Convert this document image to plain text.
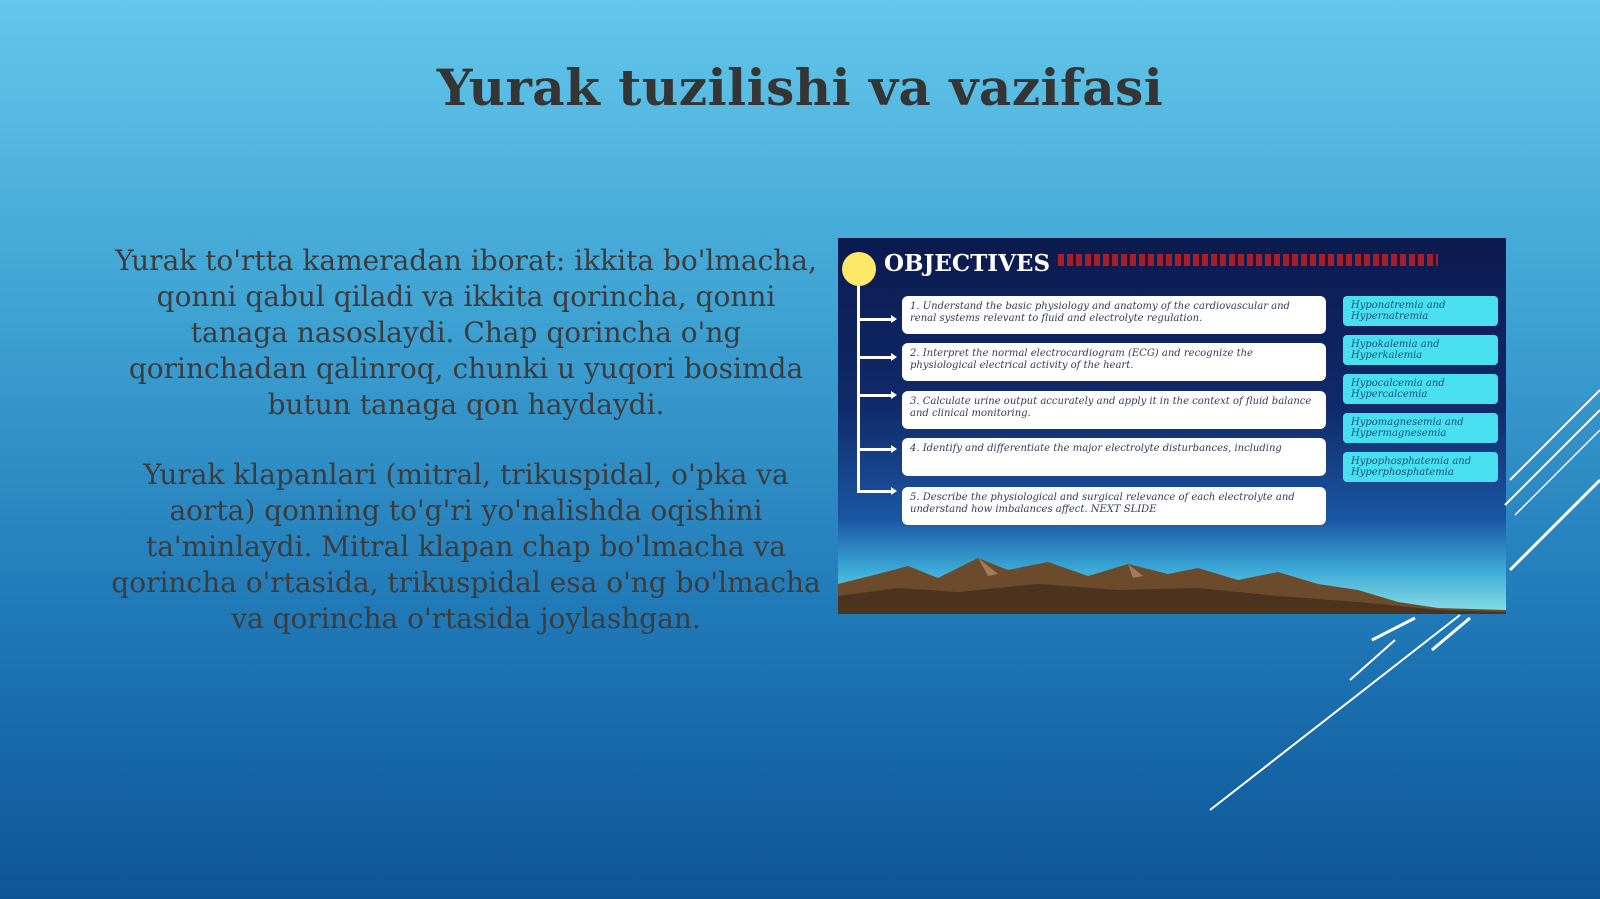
Yurak tuzilishi va vazifasi

Yurak to'rtta kameradan iborat: ikkita bo'lmacha, qonni qabul qiladi va ikkita qorincha, qonni tanaga nasoslaydi. Chap qorincha o'ng qorinchadan qalinroq, chunki u yuqori bosimda butun tanaga qon haydaydi.

Yurak klapanlari (mitral, trikuspidal, o'pka va aorta) qonning to'g'ri yo'nalishda oqishini ta'minlaydi. Mitral klapan chap bo'lmacha va qorincha o'rtasida, trikuspidal esa o'ng bo'lmacha va qorincha o'rtasida joylashgan.

OBJECTIVES
1. Understand the basic physiology and anatomy of the cardiovascular and renal systems relevant to fluid and electrolyte regulation.
2. Interpret the normal electrocardiogram (ECG) and recognize the physiological electrical activity of the heart.
3. Calculate urine output accurately and apply it in the context of fluid balance and clinical monitoring.
4. Identify and differentiate the major electrolyte disturbances, including
5. Describe the physiological and surgical relevance of each electrolyte and understand how imbalances affect. NEXT SLIDE
Hyponatremia and Hypernatremia
Hypokalemia and Hyperkalemia
Hypocalcemia and Hypercalcemia
Hypomagnesemia and Hypermagnesemia
Hypophosphatemia and Hyperphosphatemia
